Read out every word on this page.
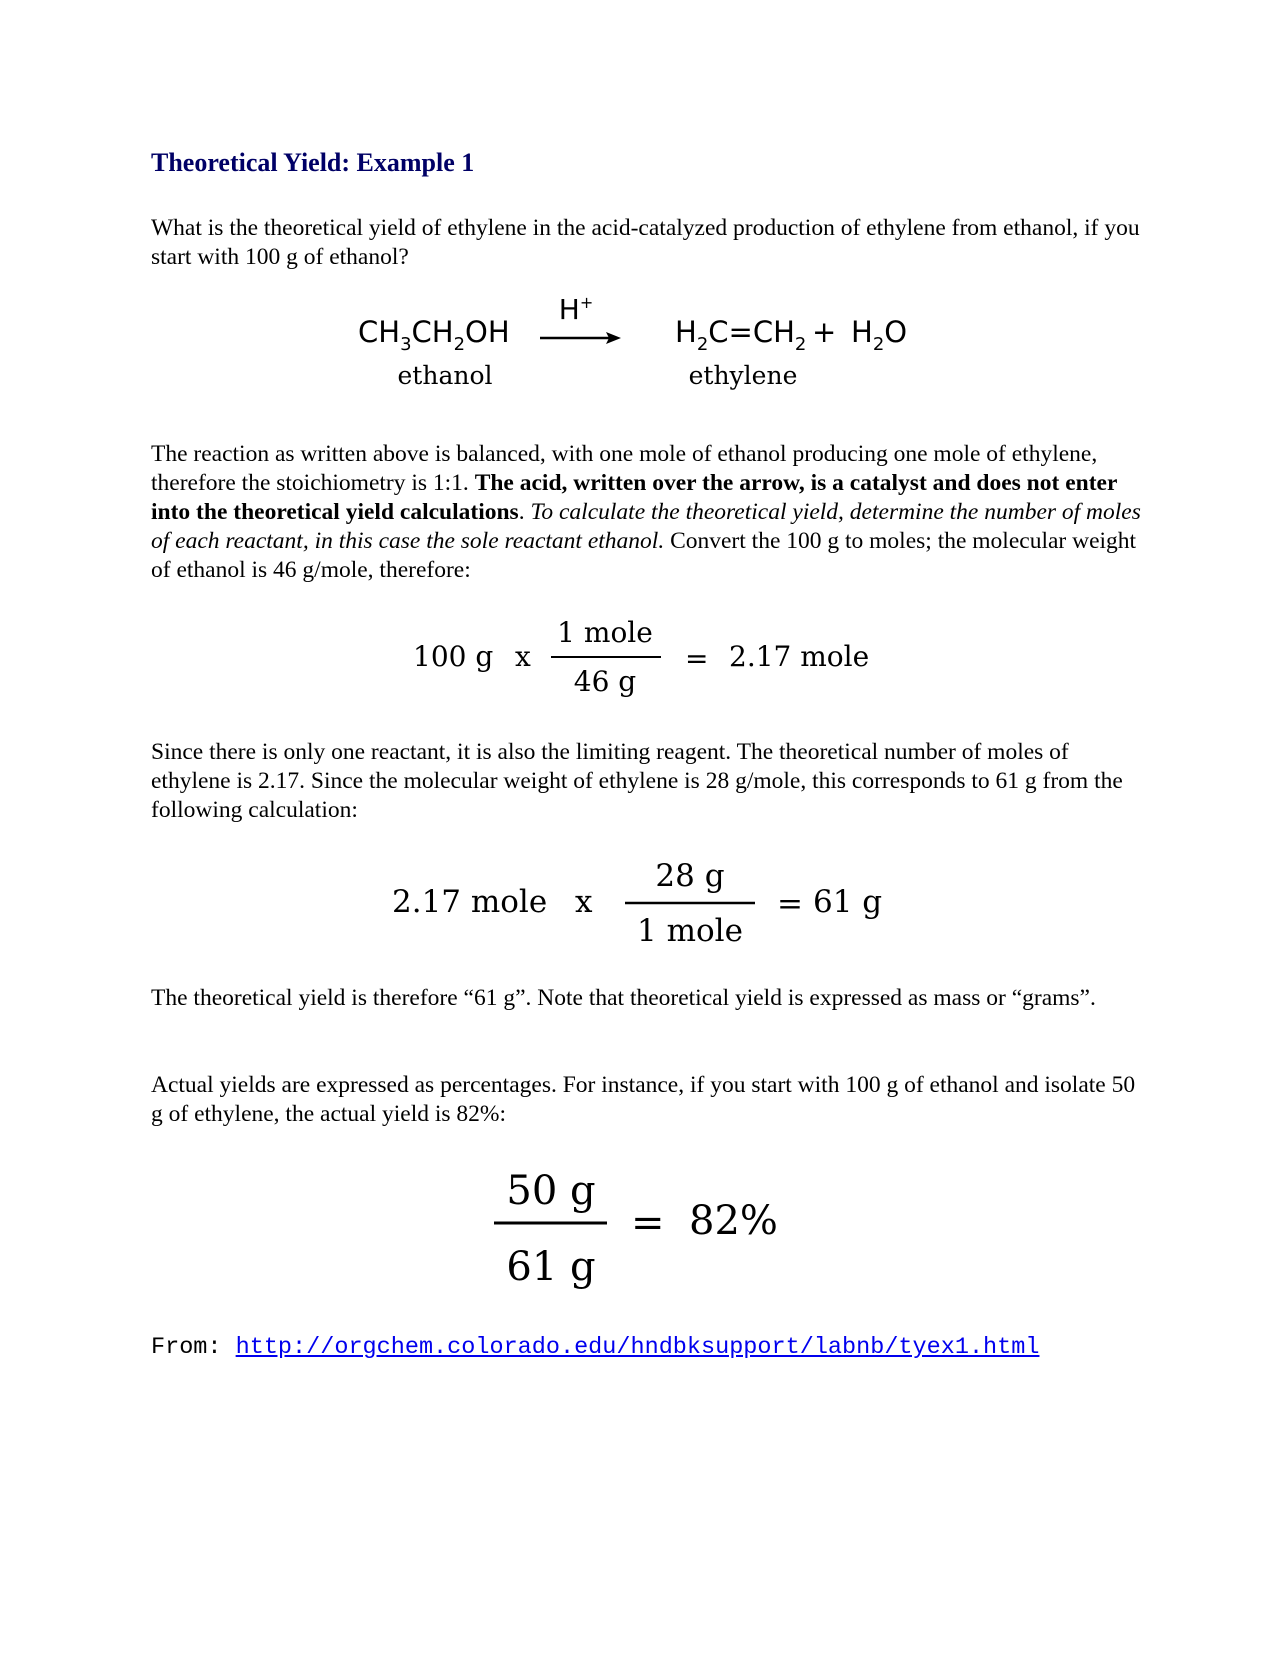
Theoretical Yield: Example 1

What is the theoretical yield of ethylene in the acid-catalyzed production of ethylene from ethanol, if you start with 100 g of ethanol?

$CH_3CH_2OH$
ethanol
H+
$H_2C=CH_2 + H_2O$
ethylene

The reaction as written above is balanced, with one mole of ethanol producing one mole of ethylene, therefore the stoichiometry is 1:1. The acid, written over the arrow, is a catalyst and does not enter into the theoretical yield calculations. To calculate the theoretical yield, determine the number of moles of each reactant, in this case the sole reactant ethanol. Convert the 100 g to moles; the molecular weight of ethanol is 46 g/mole, therefore:

100 g x
1 mole
46 g
= 2.17 mole

Since there is only one reactant, it is also the limiting reagent. The theoretical number of moles of ethylene is 2.17. Since the molecular weight of ethylene is 28 g/mole, this corresponds to 61 g from the following calculation:

2.17 mole x
28 g
1 mole
= 61 g

The theoretical yield is therefore “61 g”. Note that theoretical yield is expressed as mass or “grams”.

Actual yields are expressed as percentages. For instance, if you start with 100 g of ethanol and isolate 50 g of ethylene, the actual yield is 82%:

50 g
61 g
= 82%
From: http://orgchem.colorado.edu/hndbksupport/labnb/tyex1.html
